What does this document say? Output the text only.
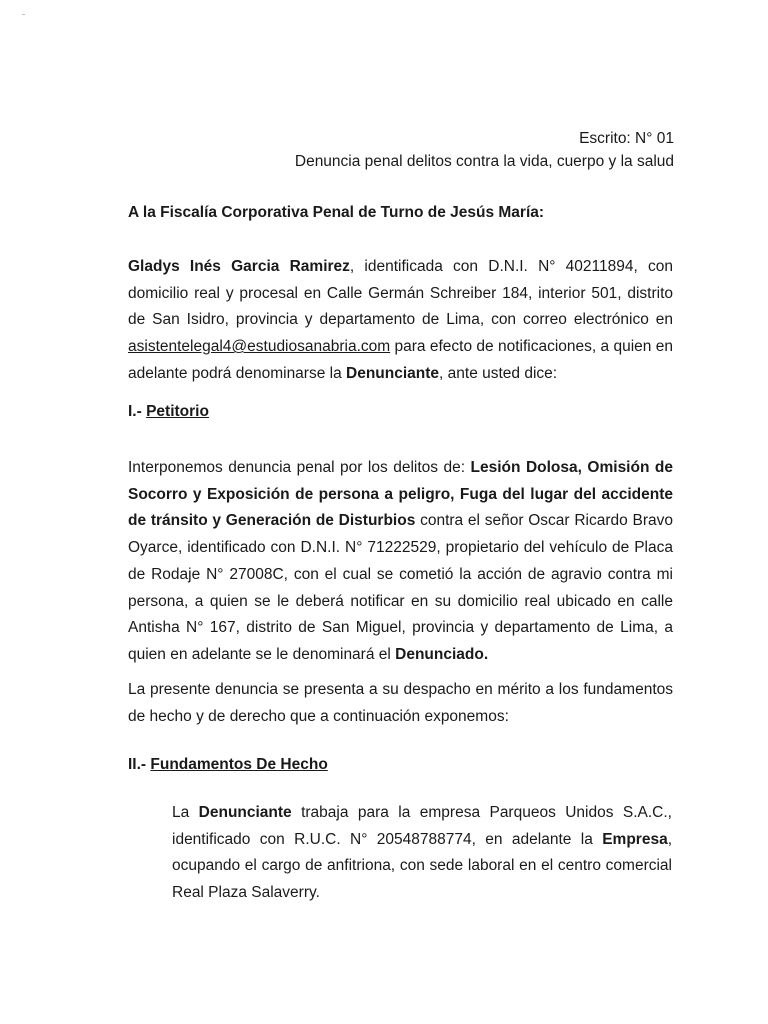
Escrito: N° 01
Denuncia penal delitos contra la vida, cuerpo y la salud
A la Fiscalía Corporativa Penal de Turno de Jesús María:

Gladys Inés Garcia Ramirez, identificada con D.N.I. N° 40211894, con
domicilio real y procesal en Calle Germán Schreiber 184, interior 501, distrito
de San Isidro, provincia y departamento de Lima, con correo electrónico en
asistentelegal4@estudiosanabria.com para efecto de notificaciones, a quien en
adelante podrá denominarse la Denunciante, ante usted dice:

I.- Petitorio

Interponemos denuncia penal por los delitos de: Lesión Dolosa, Omisión de
Socorro y Exposición de persona a peligro, Fuga del lugar del accidente
de tránsito y Generación de Disturbios contra el señor Oscar Ricardo Bravo
Oyarce, identificado con D.N.I. N° 71222529, propietario del vehículo de Placa
de Rodaje N° 27008C, con el cual se cometió la acción de agravio contra mi
persona, a quien se le deberá notificar en su domicilio real ubicado en calle
Antisha N° 167, distrito de San Miguel, provincia y departamento de Lima, a
quien en adelante se le denominará el Denunciado.

La presente denuncia se presenta a su despacho en mérito a los fundamentos
de hecho y de derecho que a continuación exponemos:

II.- Fundamentos De Hecho

La Denunciante trabaja para la empresa Parqueos Unidos S.A.C.,
identificado con R.U.C. N° 20548788774, en adelante la Empresa,
ocupando el cargo de anfitriona, con sede laboral en el centro comercial
Real Plaza Salaverry.
